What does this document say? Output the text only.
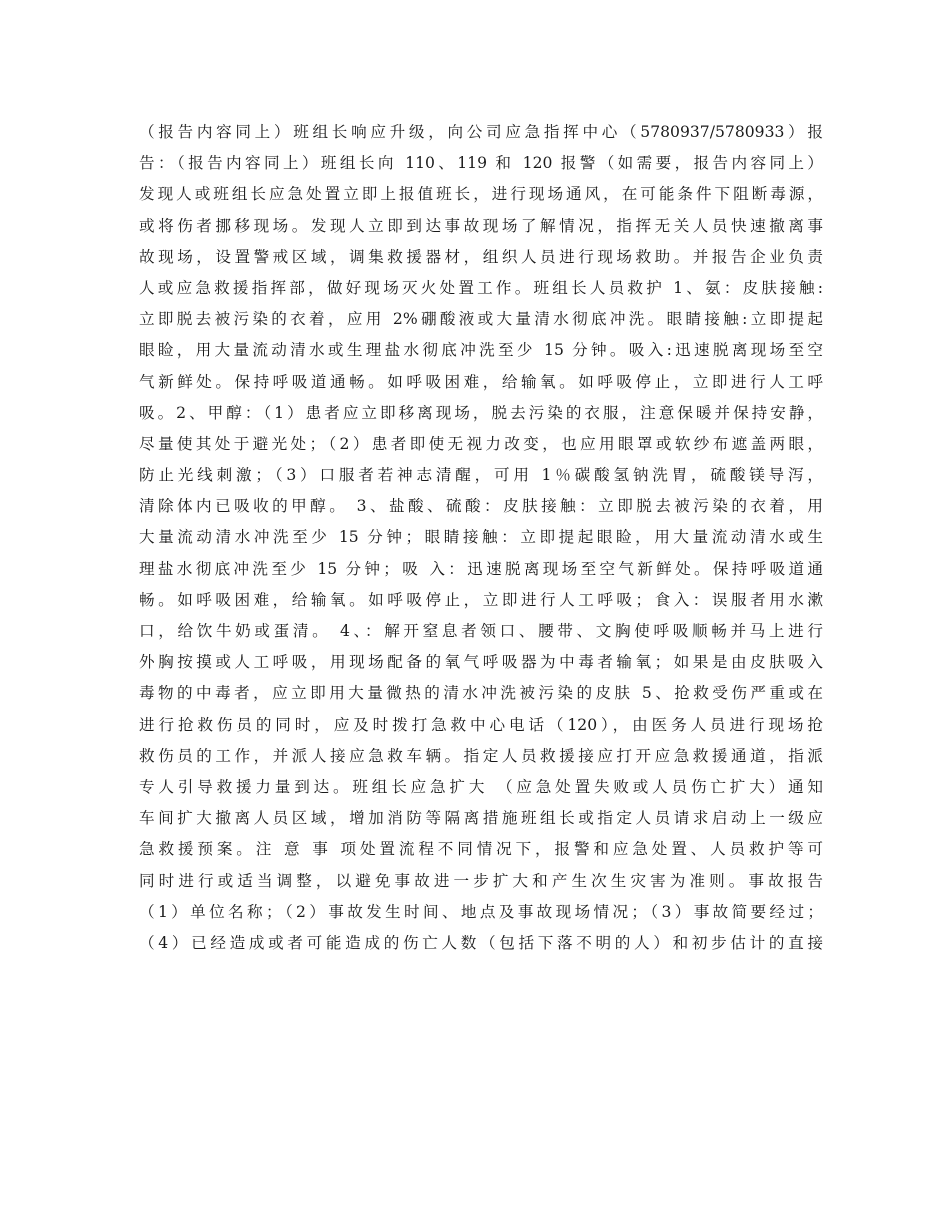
（报告内容同上）班组长响应升级，向公司应急指挥中心（5780937/5780933）报
告：（报告内容同上）班组长向 110、119 和 120 报警（如需要，报告内容同上）
发现人或班组长应急处置立即上报值班长，进行现场通风，在可能条件下阻断毒源，
或将伤者挪移现场。发现人立即到达事故现场了解情况，指挥无关人员快速撤离事
故现场，设置警戒区域，调集救援器材，组织人员进行现场救助。并报告企业负责
人或应急救援指挥部，做好现场灭火处置工作。班组长人员救护 1、氨：皮肤接触:
立即脱去被污染的衣着，应用 2%硼酸液或大量清水彻底冲洗。眼睛接触:立即提起
眼睑，用大量流动清水或生理盐水彻底冲洗至少 15 分钟。吸入:迅速脱离现场至空
气新鲜处。保持呼吸道通畅。如呼吸困难，给输氧。如呼吸停止，立即进行人工呼
吸。2、甲醇：（1）患者应立即移离现场，脱去污染的衣服，注意保暖并保持安静，
尽量使其处于避光处；（2）患者即使无视力改变，也应用眼罩或软纱布遮盖两眼，
防止光线刺激；（3）口服者若神志清醒，可用 1％碳酸氢钠洗胃，硫酸镁导泻，
清除体内已吸收的甲醇。 3、盐酸、硫酸：皮肤接触：立即脱去被污染的衣着，用
大量流动清水冲洗至少 15 分钟；眼睛接触：立即提起眼睑，用大量流动清水或生
理盐水彻底冲洗至少 15 分钟；吸 入：迅速脱离现场至空气新鲜处。保持呼吸道通
畅。如呼吸困难，给输氧。如呼吸停止，立即进行人工呼吸；食入：误服者用水漱
口，给饮牛奶或蛋清。 4、：解开窒息者领口、腰带、文胸使呼吸顺畅并马上进行
外胸按摸或人工呼吸，用现场配备的氧气呼吸器为中毒者输氧；如果是由皮肤吸入
毒物的中毒者，应立即用大量微热的清水冲洗被污染的皮肤 5、抢救受伤严重或在
进行抢救伤员的同时，应及时拨打急救中心电话（120），由医务人员进行现场抢
救伤员的工作，并派人接应急救车辆。指定人员救援接应打开应急救援通道，指派
专人引导救援力量到达。班组长应急扩大 （应急处置失败或人员伤亡扩大）通知
车间扩大撤离人员区域，增加消防等隔离措施班组长或指定人员请求启动上一级应
急救援预案。注 意 事 项处置流程不同情况下，报警和应急处置、人员救护等可
同时进行或适当调整，以避免事故进一步扩大和产生次生灾害为准则。事故报告
（1）单位名称；（2）事故发生时间、地点及事故现场情况；（3）事故简要经过；
（4）已经造成或者可能造成的伤亡人数（包括下落不明的人）和初步估计的直接
